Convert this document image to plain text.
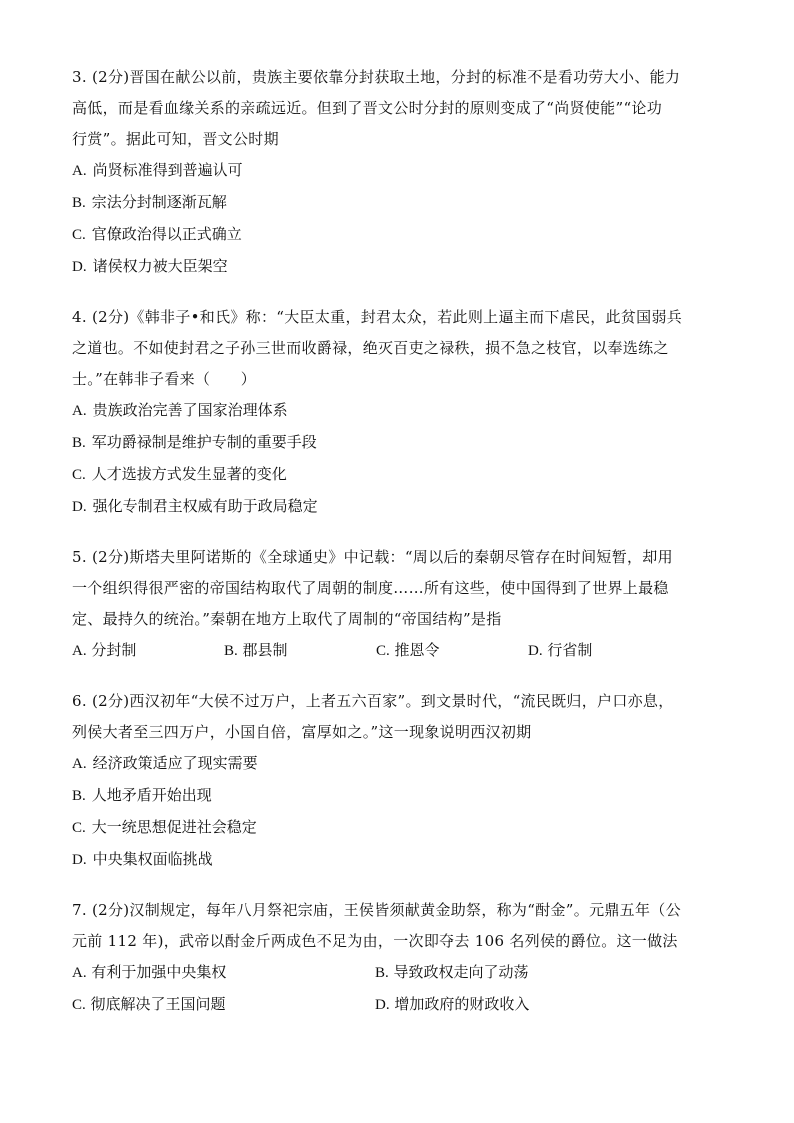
3. (2分)晋国在献公以前，贵族主要依靠分封获取土地，分封的标准不是看功劳大小、能力
高低，而是看血缘关系的亲疏远近。但到了晋文公时分封的原则变成了“尚贤使能”“论功
行赏”。据此可知，晋文公时期
A. 尚贤标准得到普遍认可
B. 宗法分封制逐渐瓦解
C. 官僚政治得以正式确立
D. 诸侯权力被大臣架空
4. (2分)《韩非子•和氏》称：“大臣太重，封君太众，若此则上逼主而下虐民，此贫国弱兵
之道也。不如使封君之子孙三世而收爵禄，绝灭百吏之禄秩，损不急之枝官，以奉选练之
士。”在韩非子看来（　　）
A. 贵族政治完善了国家治理体系
B. 军功爵禄制是维护专制的重要手段
C. 人才选拔方式发生显著的变化
D. 强化专制君主权威有助于政局稳定
5. (2分)斯塔夫里阿诺斯的《全球通史》中记载：“周以后的秦朝尽管存在时间短暂，却用
一个组织得很严密的帝国结构取代了周朝的制度……所有这些，使中国得到了世界上最稳
定、最持久的统治。”秦朝在地方上取代了周制的“帝国结构”是指
A. 分封制	B. 郡县制	C. 推恩令	D. 行省制
6. (2分)西汉初年“大侯不过万户，上者五六百家”。到文景时代，“流民既归，户口亦息，
列侯大者至三四万户，小国自倍，富厚如之。”这一现象说明西汉初期
A. 经济政策适应了现实需要
B. 人地矛盾开始出现
C. 大一统思想促进社会稳定
D. 中央集权面临挑战
7. (2分)汉制规定，每年八月祭祀宗庙，王侯皆须献黄金助祭，称为“酎金”。元鼎五年（公
元前 112 年)，武帝以酎金斤两成色不足为由，一次即夺去 106 名列侯的爵位。这一做法
A. 有利于加强中央集权	B. 导致政权走向了动荡
C. 彻底解决了王国问题	D. 增加政府的财政收入
